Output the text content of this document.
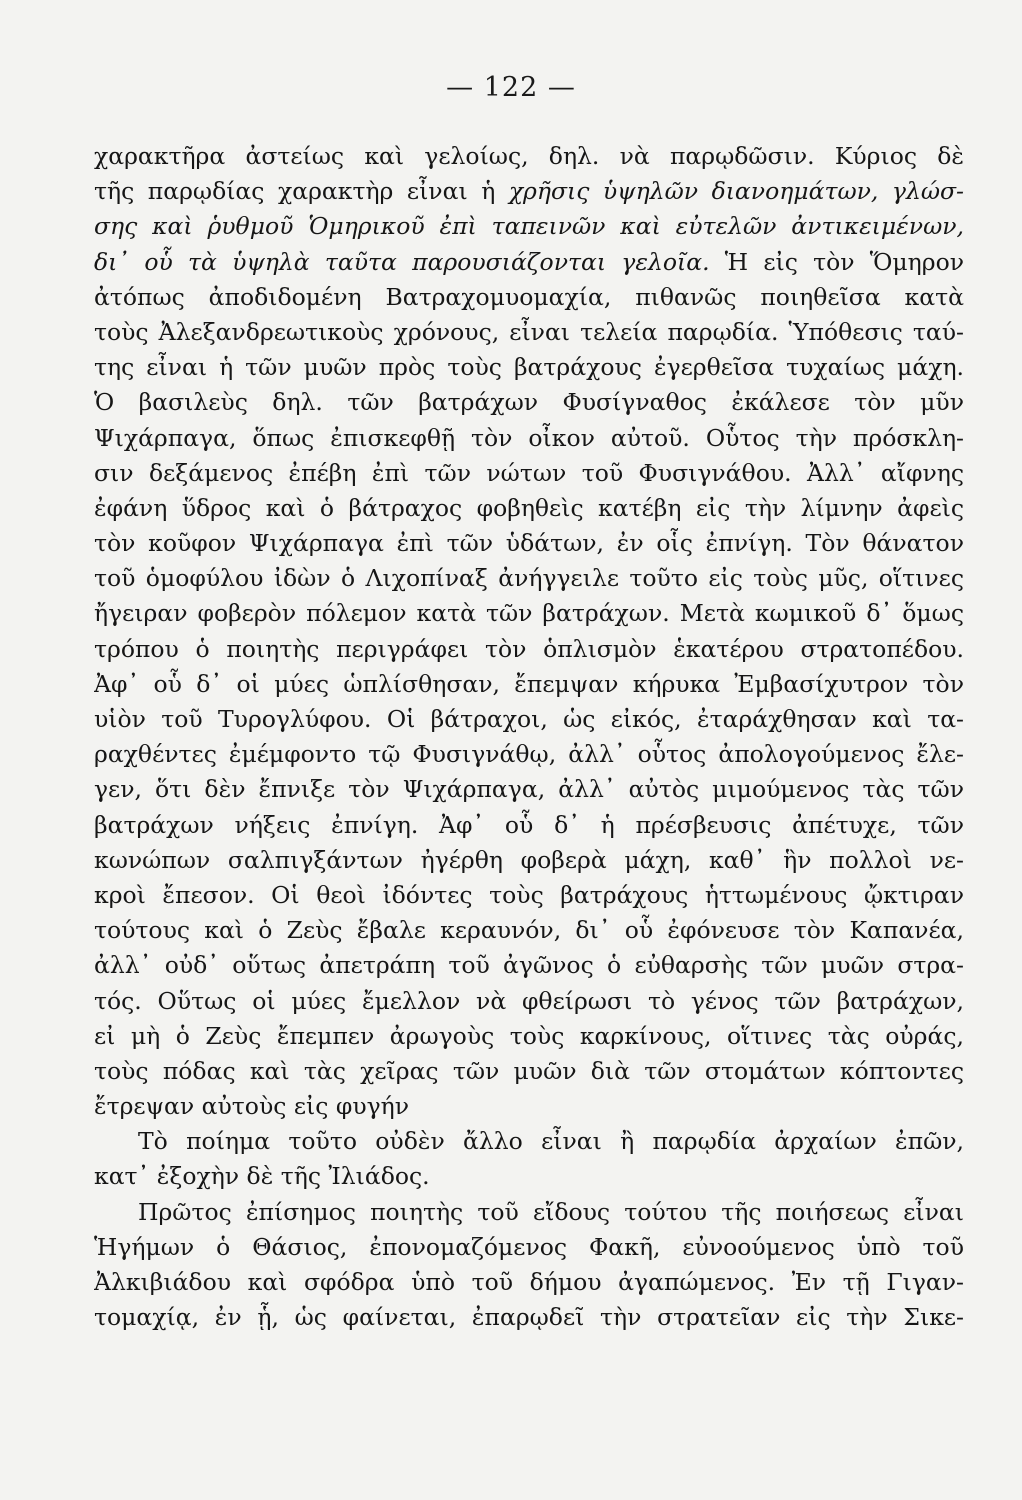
— 122 —
χαρακτῆρα ἀστείως καὶ γελοίως, δηλ. νὰ παρῳδῶσιν. Κύριος δὲ
τῆς παρῳδίας χαρακτὴρ εἶναι ἡ χρῆσις ὑψηλῶν διανοημάτων, γλώσ-
σης καὶ ῥυθμοῦ Ὁμηρικοῦ ἐπὶ ταπεινῶν καὶ εὐτελῶν ἀντικειμένων,
δι᾽ οὗ τὰ ὑψηλὰ ταῦτα παρουσιάζονται γελοῖα. Ἡ εἰς τὸν Ὅμηρον
ἀτόπως ἀποδιδομένη Βατραχομυομαχία, πιθανῶς ποιηθεῖσα κατὰ
τοὺς Ἀλεξανδρεωτικοὺς χρόνους, εἶναι τελεία παρῳδία. Ὑπόθεσις ταύ-
της εἶναι ἡ τῶν μυῶν πρὸς τοὺς βατράχους ἐγερθεῖσα τυχαίως μάχη.
Ὁ βασιλεὺς δηλ. τῶν βατράχων Φυσίγναθος ἐκάλεσε τὸν μῦν
Ψιχάρπαγα, ὅπως ἐπισκεφθῇ τὸν οἶκον αὐτοῦ. Οὗτος τὴν πρόσκλη-
σιν δεξάμενος ἐπέβη ἐπὶ τῶν νώτων τοῦ Φυσιγνάθου. Ἀλλ᾽ αἴφνης
ἐφάνη ὕδρος καὶ ὁ βάτραχος φοβηθεὶς κατέβη εἰς τὴν λίμνην ἀφεὶς
τὸν κοῦφον Ψιχάρπαγα ἐπὶ τῶν ὑδάτων, ἐν οἷς ἐπνίγη. Τὸν θάνατον
τοῦ ὁμοφύλου ἰδὼν ὁ Λιχοπίναξ ἀνήγγειλε τοῦτο εἰς τοὺς μῦς, οἵτινες
ἤγειραν φοβερὸν πόλεμον κατὰ τῶν βατράχων. Μετὰ κωμικοῦ δ᾽ ὅμως
τρόπου ὁ ποιητὴς περιγράφει τὸν ὁπλισμὸν ἑκατέρου στρατοπέδου.
Ἀφ᾽ οὗ δ᾽ οἱ μύες ὡπλίσθησαν, ἔπεμψαν κήρυκα Ἐμβασίχυτρον τὸν
υἱὸν τοῦ Τυρογλύφου. Οἱ βάτραχοι, ὡς εἰκός, ἐταράχθησαν καὶ τα-
ραχθέντες ἐμέμφοντο τῷ Φυσιγνάθῳ, ἀλλ᾽ οὗτος ἀπολογούμενος ἔλε-
γεν, ὅτι δὲν ἔπνιξε τὸν Ψιχάρπαγα, ἀλλ᾽ αὐτὸς μιμούμενος τὰς τῶν
βατράχων νήξεις ἐπνίγη. Ἀφ᾽ οὗ δ᾽ ἡ πρέσβευσις ἀπέτυχε, τῶν
κωνώπων σαλπιγξάντων ἠγέρθη φοβερὰ μάχη, καθ᾽ ἣν πολλοὶ νε-
κροὶ ἔπεσον. Οἱ θεοὶ ἰδόντες τοὺς βατράχους ἡττωμένους ᾤκτιραν
τούτους καὶ ὁ Ζεὺς ἔβαλε κεραυνόν, δι᾽ οὗ ἐφόνευσε τὸν Καπανέα,
ἀλλ᾽ οὐδ᾽ οὕτως ἀπετράπη τοῦ ἀγῶνος ὁ εὐθαρσὴς τῶν μυῶν στρα-
τός. Οὕτως οἱ μύες ἔμελλον νὰ φθείρωσι τὸ γένος τῶν βατράχων,
εἰ μὴ ὁ Ζεὺς ἔπεμπεν ἀρωγοὺς τοὺς καρκίνους, οἵτινες τὰς οὐράς,
τοὺς πόδας καὶ τὰς χεῖρας τῶν μυῶν διὰ τῶν στομάτων κόπτοντες
ἔτρεψαν αὐτοὺς εἰς φυγήν
Τὸ ποίημα τοῦτο οὐδὲν ἄλλο εἶναι ἢ παρῳδία ἀρχαίων ἐπῶν,
κατ᾽ ἐξοχὴν δὲ τῆς Ἰλιάδος.
Πρῶτος ἐπίσημος ποιητὴς τοῦ εἴδους τούτου τῆς ποιήσεως εἶναι
Ἡγήμων ὁ Θάσιος, ἐπονομαζόμενος Φακῆ, εὐνοούμενος ὑπὸ τοῦ
Ἀλκιβιάδου καὶ σφόδρα ὑπὸ τοῦ δήμου ἀγαπώμενος. Ἐν τῇ Γιγαν-
τομαχίᾳ, ἐν ᾗ, ὡς φαίνεται, ἐπαρῳδεῖ τὴν στρατεῖαν εἰς τὴν Σικε-
